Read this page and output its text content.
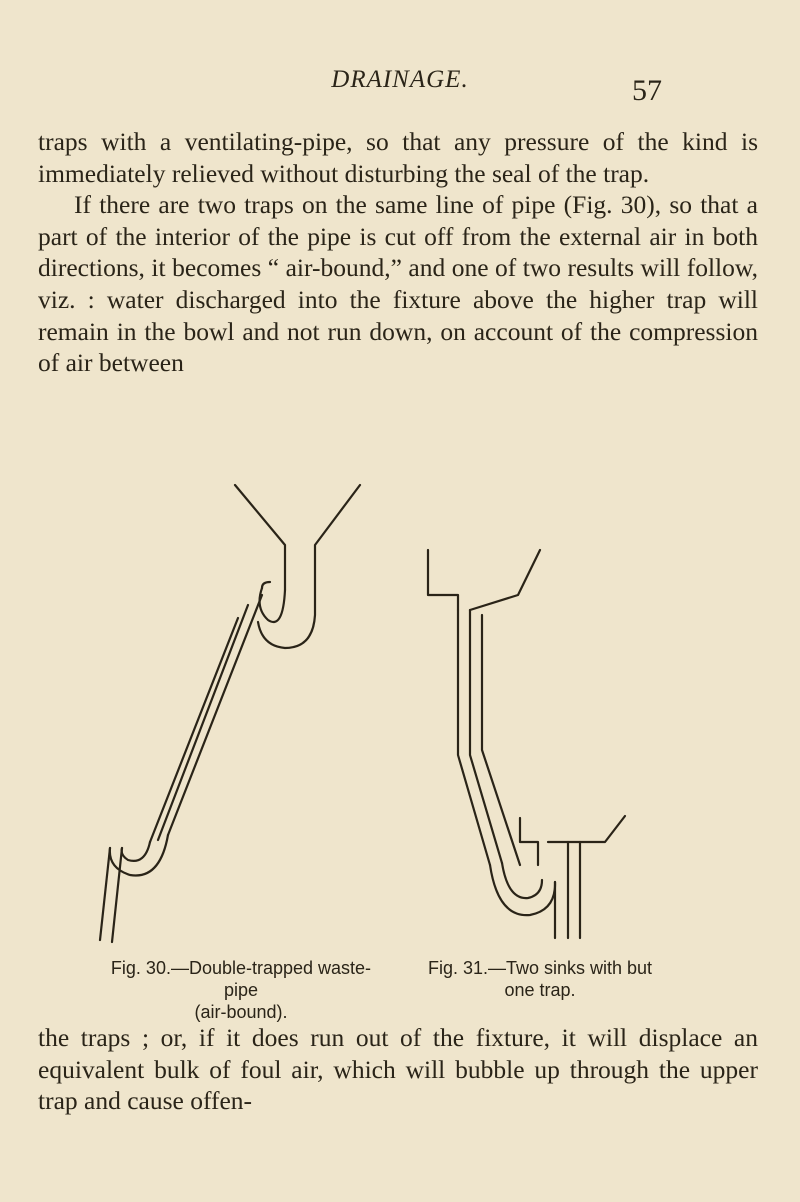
DRAINAGE.	57

traps with a ventilating-pipe, so that any pressure of the kind is immediately relieved without disturbing the seal of the trap.

If there are two traps on the same line of pipe (Fig. 30), so that a part of the interior of the pipe is cut off from the external air in both directions, it becomes “ air-bound,” and one of two results will follow, viz. : water discharged into the fixture above the higher trap will remain in the bowl and not run down, on account of the compression of air between

Fig. 30.—Double-trapped waste-pipe
(air-bound).
Fig. 31.—Two sinks with but
one trap.

the traps ; or, if it does run out of the fixture, it will displace an equivalent bulk of foul air, which will bubble up through the upper trap and cause offen-
